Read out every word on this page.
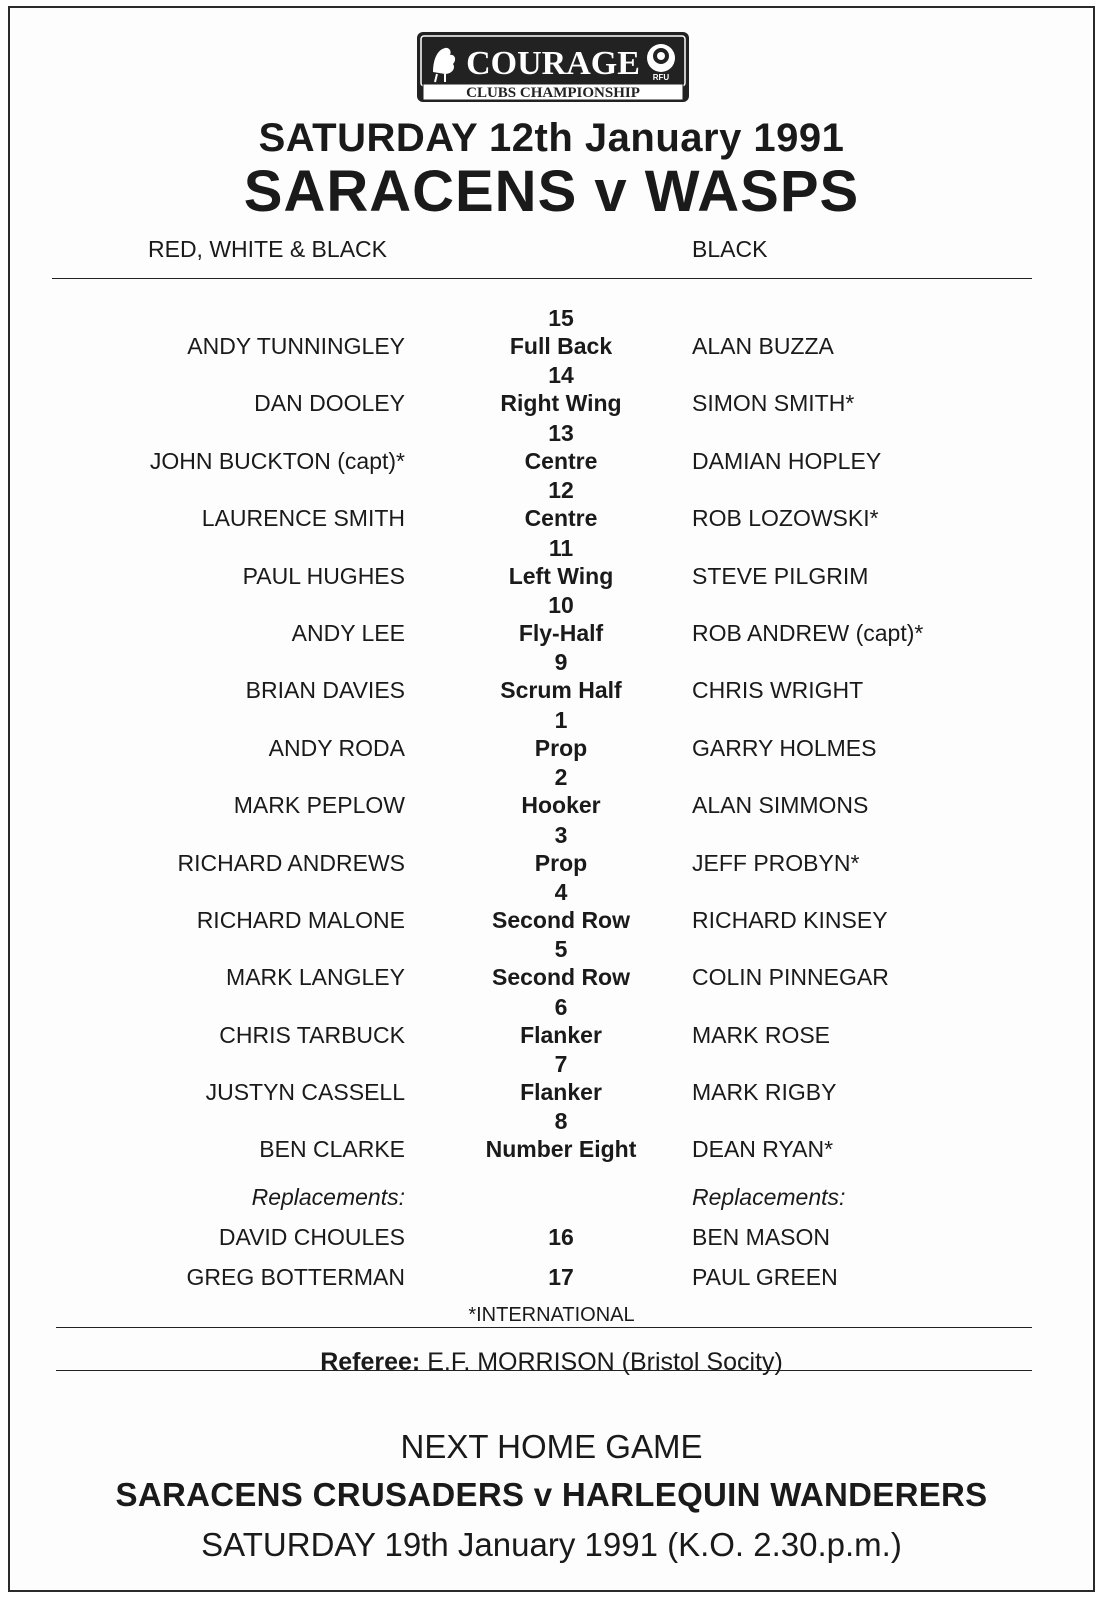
COURAGE RFU
CLUBS CHAMPIONSHIP
SATURDAY 12th January 1991
SARACENS v WASPS
RED, WHITE & BLACK	BLACK
15
ANDY TUNNINGLEY	Full Back	ALAN BUZZA
14
DAN DOOLEY	Right Wing	SIMON SMITH*
13
JOHN BUCKTON (capt)*	Centre	DAMIAN HOPLEY
12
LAURENCE SMITH	Centre	ROB LOZOWSKI*
11
PAUL HUGHES	Left Wing	STEVE PILGRIM
10
ANDY LEE	Fly-Half	ROB ANDREW (capt)*
9
BRIAN DAVIES	Scrum Half	CHRIS WRIGHT
1
ANDY RODA	Prop	GARRY HOLMES
2
MARK PEPLOW	Hooker	ALAN SIMMONS
3
RICHARD ANDREWS	Prop	JEFF PROBYN*
4
RICHARD MALONE	Second Row	RICHARD KINSEY
5
MARK LANGLEY	Second Row	COLIN PINNEGAR
6
CHRIS TARBUCK	Flanker	MARK ROSE
7
JUSTYN CASSELL	Flanker	MARK RIGBY
8
BEN CLARKE	Number Eight	DEAN RYAN*
Replacements:	Replacements:
DAVID CHOULES	16	BEN MASON
GREG BOTTERMAN	17	PAUL GREEN
*INTERNATIONAL
Referee: E.F. MORRISON (Bristol Socity)
NEXT HOME GAME
SARACENS CRUSADERS v HARLEQUIN WANDERERS
SATURDAY 19th January 1991 (K.O. 2.30.p.m.)
